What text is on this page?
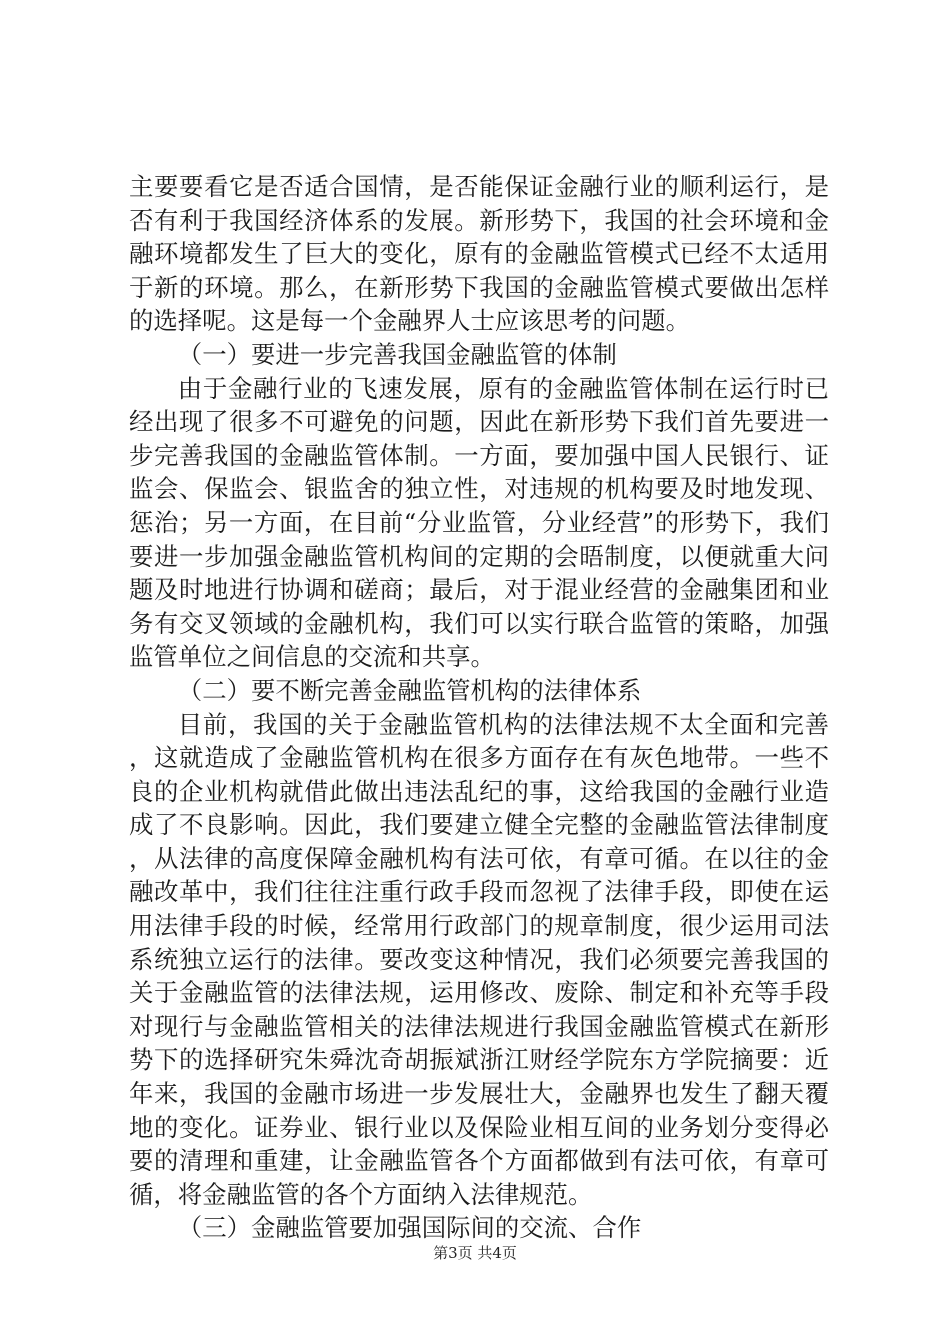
主要要看它是否适合国情，是否能保证金融行业的顺利运行，是否有利于我国经济体系的发展。新形势下，我国的社会环境和金融环境都发生了巨大的变化，原有的金融监管模式已经不太适用于新的环境。那么，在新形势下我国的金融监管模式要做出怎样的选择呢。这是每一个金融界人士应该思考的问题。

（一）要进一步完善我国金融监管的体制

由于金融行业的飞速发展，原有的金融监管体制在运行时已经出现了很多不可避免的问题，因此在新形势下我们首先要进一步完善我国的金融监管体制。一方面，要加强中国人民银行、证监会、保监会、银监舍的独立性，对违规的机构要及时地发现、惩治；另一方面，在目前“分业监管，分业经营”的形势下，我们要进一步加强金融监管机构间的定期的会晤制度，以便就重大问题及时地进行协调和磋商；最后，对于混业经营的金融集团和业务有交叉领域的金融机构，我们可以实行联合监管的策略，加强监管单位之间信息的交流和共享。

（二）要不断完善金融监管机构的法律体系

目前，我国的关于金融监管机构的法律法规不太全面和完善，这就造成了金融监管机构在很多方面存在有灰色地带。一些不良的企业机构就借此做出违法乱纪的事，这给我国的金融行业造成了不良影响。因此，我们要建立健全完整的金融监管法律制度，从法律的高度保障金融机构有法可依，有章可循。在以往的金融改革中，我们往往注重行政手段而忽视了法律手段，即使在运用法律手段的时候，经常用行政部门的规章制度，很少运用司法系统独立运行的法律。要改变这种情况，我们必须要完善我国的关于金融监管的法律法规，运用修改、废除、制定和补充等手段对现行与金融监管相关的法律法规进行我国金融监管模式在新形势下的选择研究朱舜沈奇胡振斌浙江财经学院东方学院摘要：近年来，我国的金融市场进一步发展壮大，金融界也发生了翻天覆地的变化。证券业、银行业以及保险业相互间的业务划分变得必要的清理和重建，让金融监管各个方面都做到有法可依，有章可循，将金融监管的各个方面纳入法律规范。

（三）金融监管要加强国际间的交流、合作

第3页 共4页
